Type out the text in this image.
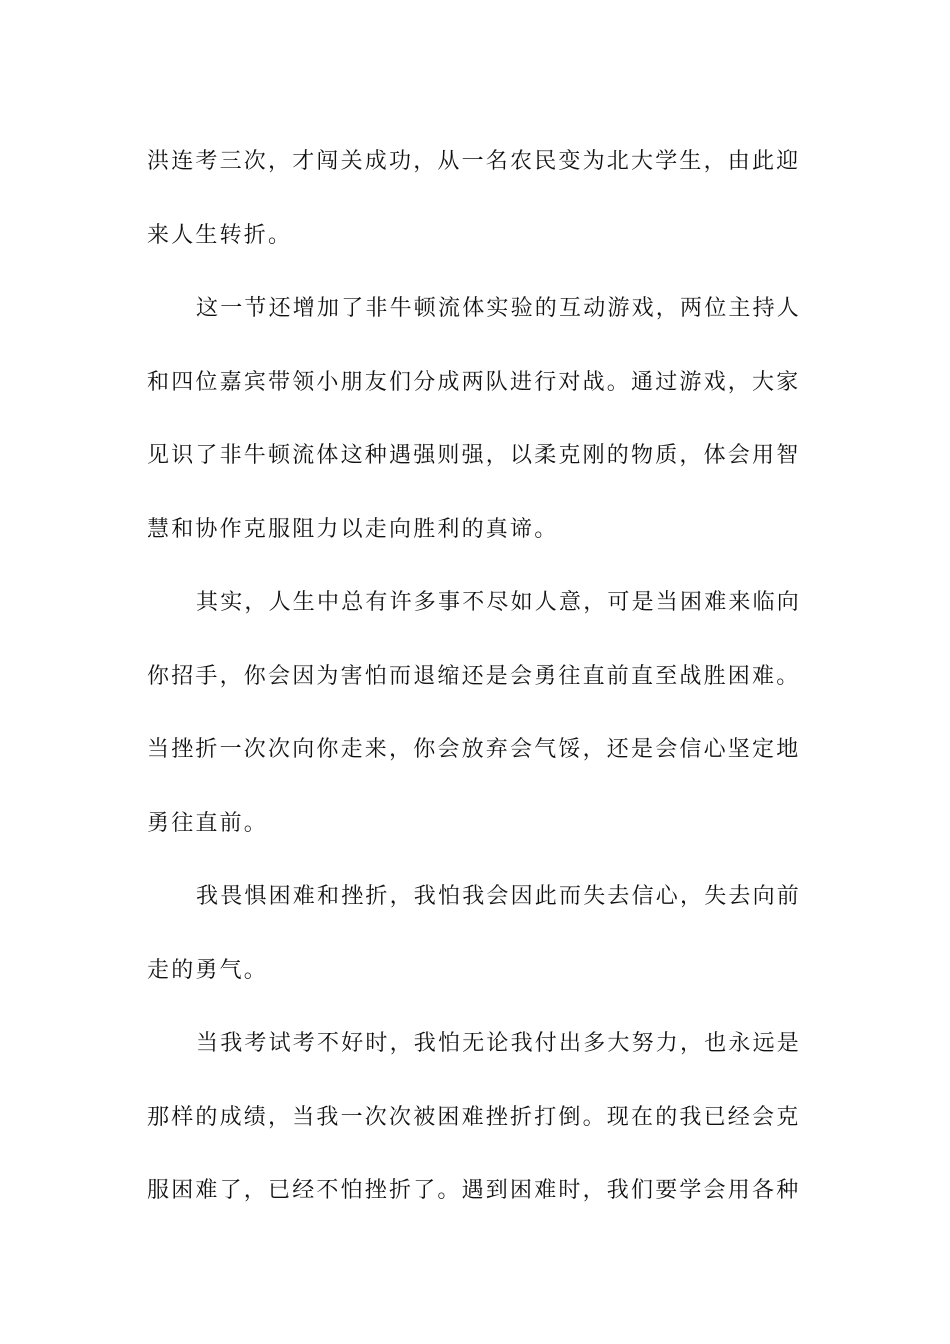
洪连考三次，才闯关成功，从一名农民变为北大学生，由此迎
来人生转折。
这一节还增加了非牛顿流体实验的互动游戏，两位主持人
和四位嘉宾带领小朋友们分成两队进行对战。通过游戏，大家
见识了非牛顿流体这种遇强则强，以柔克刚的物质，体会用智
慧和协作克服阻力以走向胜利的真谛。
其实，人生中总有许多事不尽如人意，可是当困难来临向
你招手，你会因为害怕而退缩还是会勇往直前直至战胜困难。
当挫折一次次向你走来，你会放弃会气馁，还是会信心坚定地
勇往直前。
我畏惧困难和挫折，我怕我会因此而失去信心，失去向前
走的勇气。
当我考试考不好时，我怕无论我付出多大努力，也永远是
那样的成绩，当我一次次被困难挫折打倒。现在的我已经会克
服困难了，已经不怕挫折了。遇到困难时，我们要学会用各种
